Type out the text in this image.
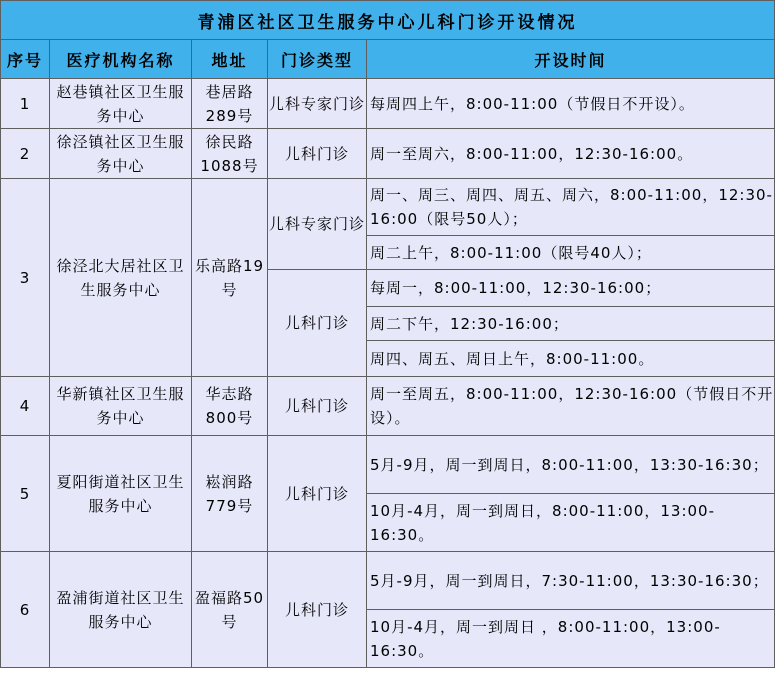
青浦区社区卫生服务中心儿科门诊开设情况				
序号	医疗机构名称	地址	门诊类型	开设时间
1	赵巷镇社区卫生服务中心	巷居路289号	儿科专家门诊	每周四上午，8:00-11:00（节假日不开设）。
2	徐泾镇社区卫生服务中心	徐民路1088号	儿科门诊	周一至周六，8:00-11:00，12:30-16:00。
3	徐泾北大居社区卫生服务中心	乐高路19号	儿科专家门诊	周一、周三、周四、周五、周六，8:00-11:00，12:30-16:00（限号50人）；
				周二上午，8:00-11:00（限号40人）；
			儿科门诊	每周一，8:00-11:00，12:30-16:00；
				周二下午，12:30-16:00；
				周四、周五、周日上午，8:00-11:00。
4	华新镇社区卫生服务中心	华志路800号	儿科门诊	周一至周五，8:00-11:00，12:30-16:00（节假日不开设）。
5	夏阳街道社区卫生服务中心	崧润路779号	儿科门诊	5月-9月，周一到周日，8:00-11:00，13:30-16:30；
				10月-4月，周一到周日，8:00-11:00，13:00-16:30。
6	盈浦街道社区卫生服务中心	盈福路50号	儿科门诊	5月-9月，周一到周日，7:30-11:00，13:30-16:30；
				10月-4月，周一到周日 ，8:00-11:00，13:00-16:30。
